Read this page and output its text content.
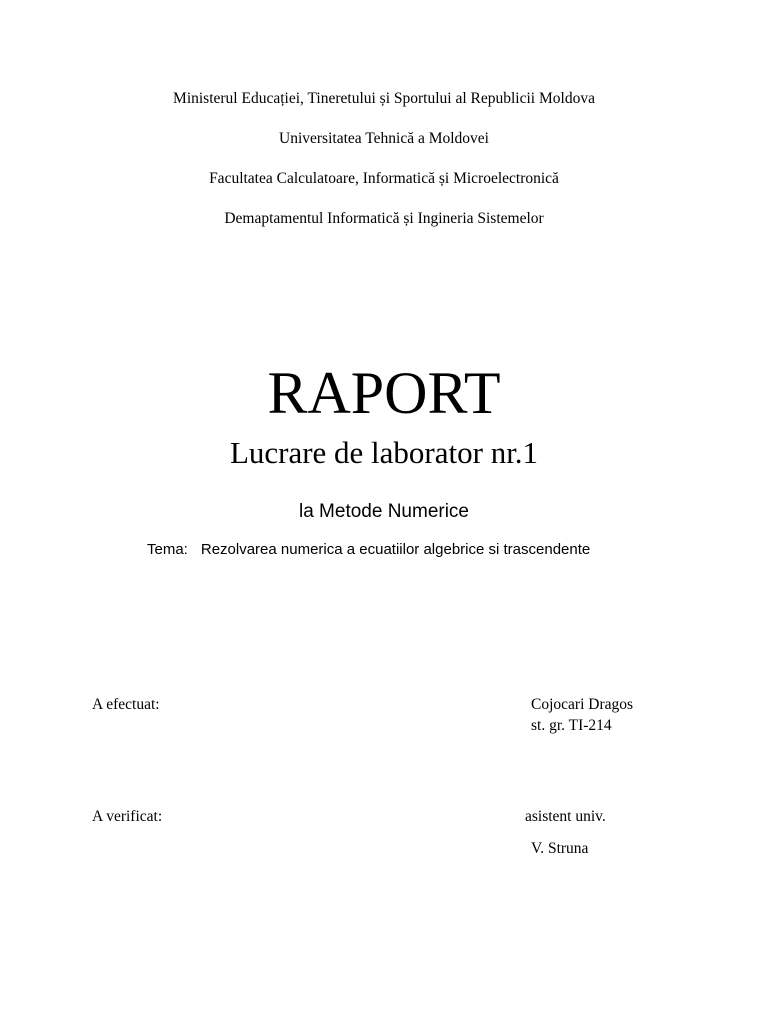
Ministerul Educației, Tineretului și Sportului al Republicii Moldova
Universitatea Tehnică a Moldovei
Facultatea Calculatoare, Informatică și Microelectronică
Demaptamentul Informatică și Ingineria Sistemelor
RAPORT
Lucrare de laborator nr.1
la Metode Numerice
Tema: Rezolvarea numerica a ecuatiilor algebrice si trascendente
A efectuat:	Cojocari Dragos
st. gr. TI-214
A verificat:	asistent univ.
V. Struna
